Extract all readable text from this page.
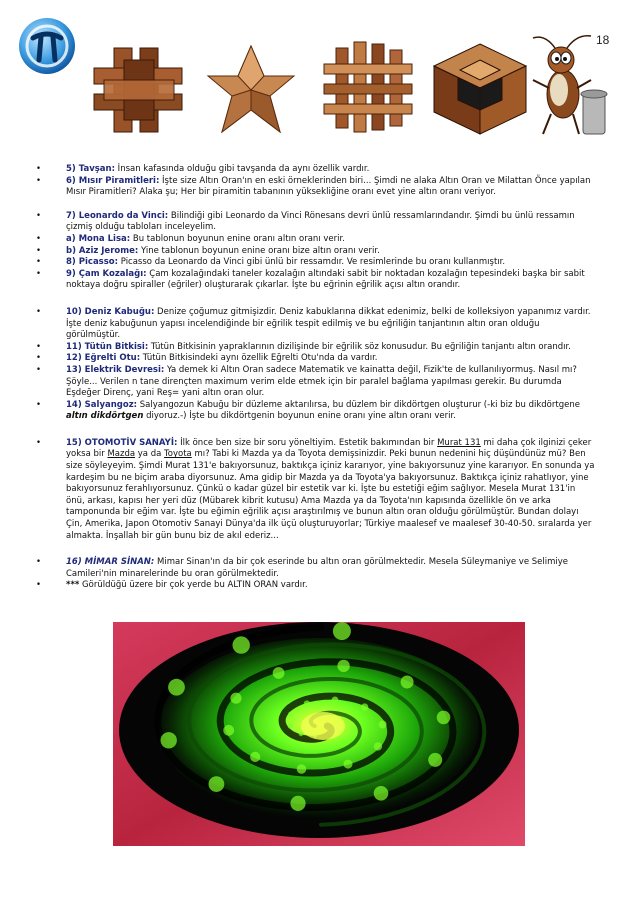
18

•	5) Tavşan: İnsan kafasında olduğu gibi tavşanda da aynı özellik vardır.

•	6) Mısır Piramitleri: İşte size Altın Oran'ın en eski örneklerinden biri... Şimdi ne alaka Altın Oran ve Milattan Önce yapılan Mısır Piramitleri? Alaka şu; Her bir piramitin tabanının yüksekliğine oranı evet yine altın oranı veriyor.

•	7) Leonardo da Vinci: Bilindiği gibi Leonardo da Vinci Rönesans devri ünlü ressamlarındandır. Şimdi bu ünlü ressamın çizmiş olduğu tabloları inceleyelim.

•	a) Mona Lisa: Bu tablonun boyunun enine oranı altın oranı verir.

•	b) Aziz Jerome: Yine tablonun boyunun enine oranı bize altın oranı verir.

•	8) Picasso: Picasso da Leonardo da Vinci gibi ünlü bir ressamdır. Ve resimlerinde bu oranı kullanmıştır.

•	9) Çam Kozalağı: Çam kozalağındaki taneler kozalağın altındaki sabit bir noktadan kozalağın tepesindeki başka bir sabit noktaya doğru spiraller (eğriler) oluşturarak çıkarlar. İşte bu eğrinin eğrilik açısı altın orandır.

•	10) Deniz Kabuğu: Denize çoğumuz gitmişizdir. Deniz kabuklarına dikkat edenimiz, belki de kolleksiyon yapanımız vardır. İşte deniz kabuğunun yapısı incelendiğinde bir eğrilik tespit edilmiş ve bu eğriliğin tanjantının altın oran olduğu görülmüştür.

•	11) Tütün Bitkisi: Tütün Bitkisinin yapraklarının dizilişinde bir eğrilik söz konusudur. Bu eğriliğin tanjantı altın orandır.

•	12) Eğrelti Otu: Tütün Bitkisindeki aynı özellik Eğrelti Otu'nda da vardır.

•	13) Elektrik Devresi: Ya demek ki Altın Oran sadece Matematik ve kainatta değil, Fizik'te de kullanılıyormuş. Nasıl mı? Şöyle... Verilen n tane dirençten maximum verim elde etmek için bir paralel bağlama yapılması gerekir. Bu durumda Eşdeğer Direnç, yani Reş= yani altın oran olur.

•	14) Salyangoz: Salyangozun Kabuğu bir düzleme aktarılırsa, bu düzlem bir dikdörtgen oluşturur (-ki biz bu dikdörtgene altın dikdörtgen diyoruz.-) İşte bu dikdörtgenin boyunun enine oranı yine altın oranı verir.

•	15) OTOMOTİV SANAYİ: İlk önce ben size bir soru yöneltiyim. Estetik bakımından bir Murat 131 mi daha çok ilginizi çeker yoksa bir Mazda ya da Toyota mı? Tabi ki Mazda ya da Toyota demişsinizdir. Peki bunun nedenini hiç düşündünüz mü? Ben size söyleyeyim. Şimdi Murat 131'e bakıyorsunuz, baktıkça içiniz kararıyor, yine bakıyorsunuz yine kararıyor. En sonunda ya kardeşim bu ne biçim araba diyorsunuz. Ama gidip bir Mazda ya da Toyota'ya bakıyorsunuz. Baktıkça içiniz rahatlıyor, yine bakıyorsunuz ferahlıyorsunuz. Çünkü o kadar güzel bir estetik var ki. İşte bu estetiği eğim sağlıyor. Mesela Murat 131'in önü, arkası, kapısı her yeri düz (Mübarek kibrit kutusu) Ama Mazda ya da Toyota'nın kapısında özellikle ön ve arka tamponunda bir eğim var. İşte bu eğimin eğrilik açısı araştırılmış ve bunun altın oran olduğu görülmüştür. Bundan dolayı Çin, Amerika, Japon Otomotiv Sanayi Dünya'da ilk üçü oluşturuyorlar; Türkiye maalesef ve maalesef 30-40-50. sıralarda yer almakta. İnşallah bir gün bunu biz de akıl ederiz...

•	16) MİMAR SİNAN: Mimar Sinan'ın da bir çok eserinde bu altın oran görülmektedir. Mesela Süleymaniye ve Selimiye Camileri'nin minarelerinde bu oran görülmektedir.

•	*** Görüldüğü üzere bir çok yerde bu ALTIN ORAN vardır.
